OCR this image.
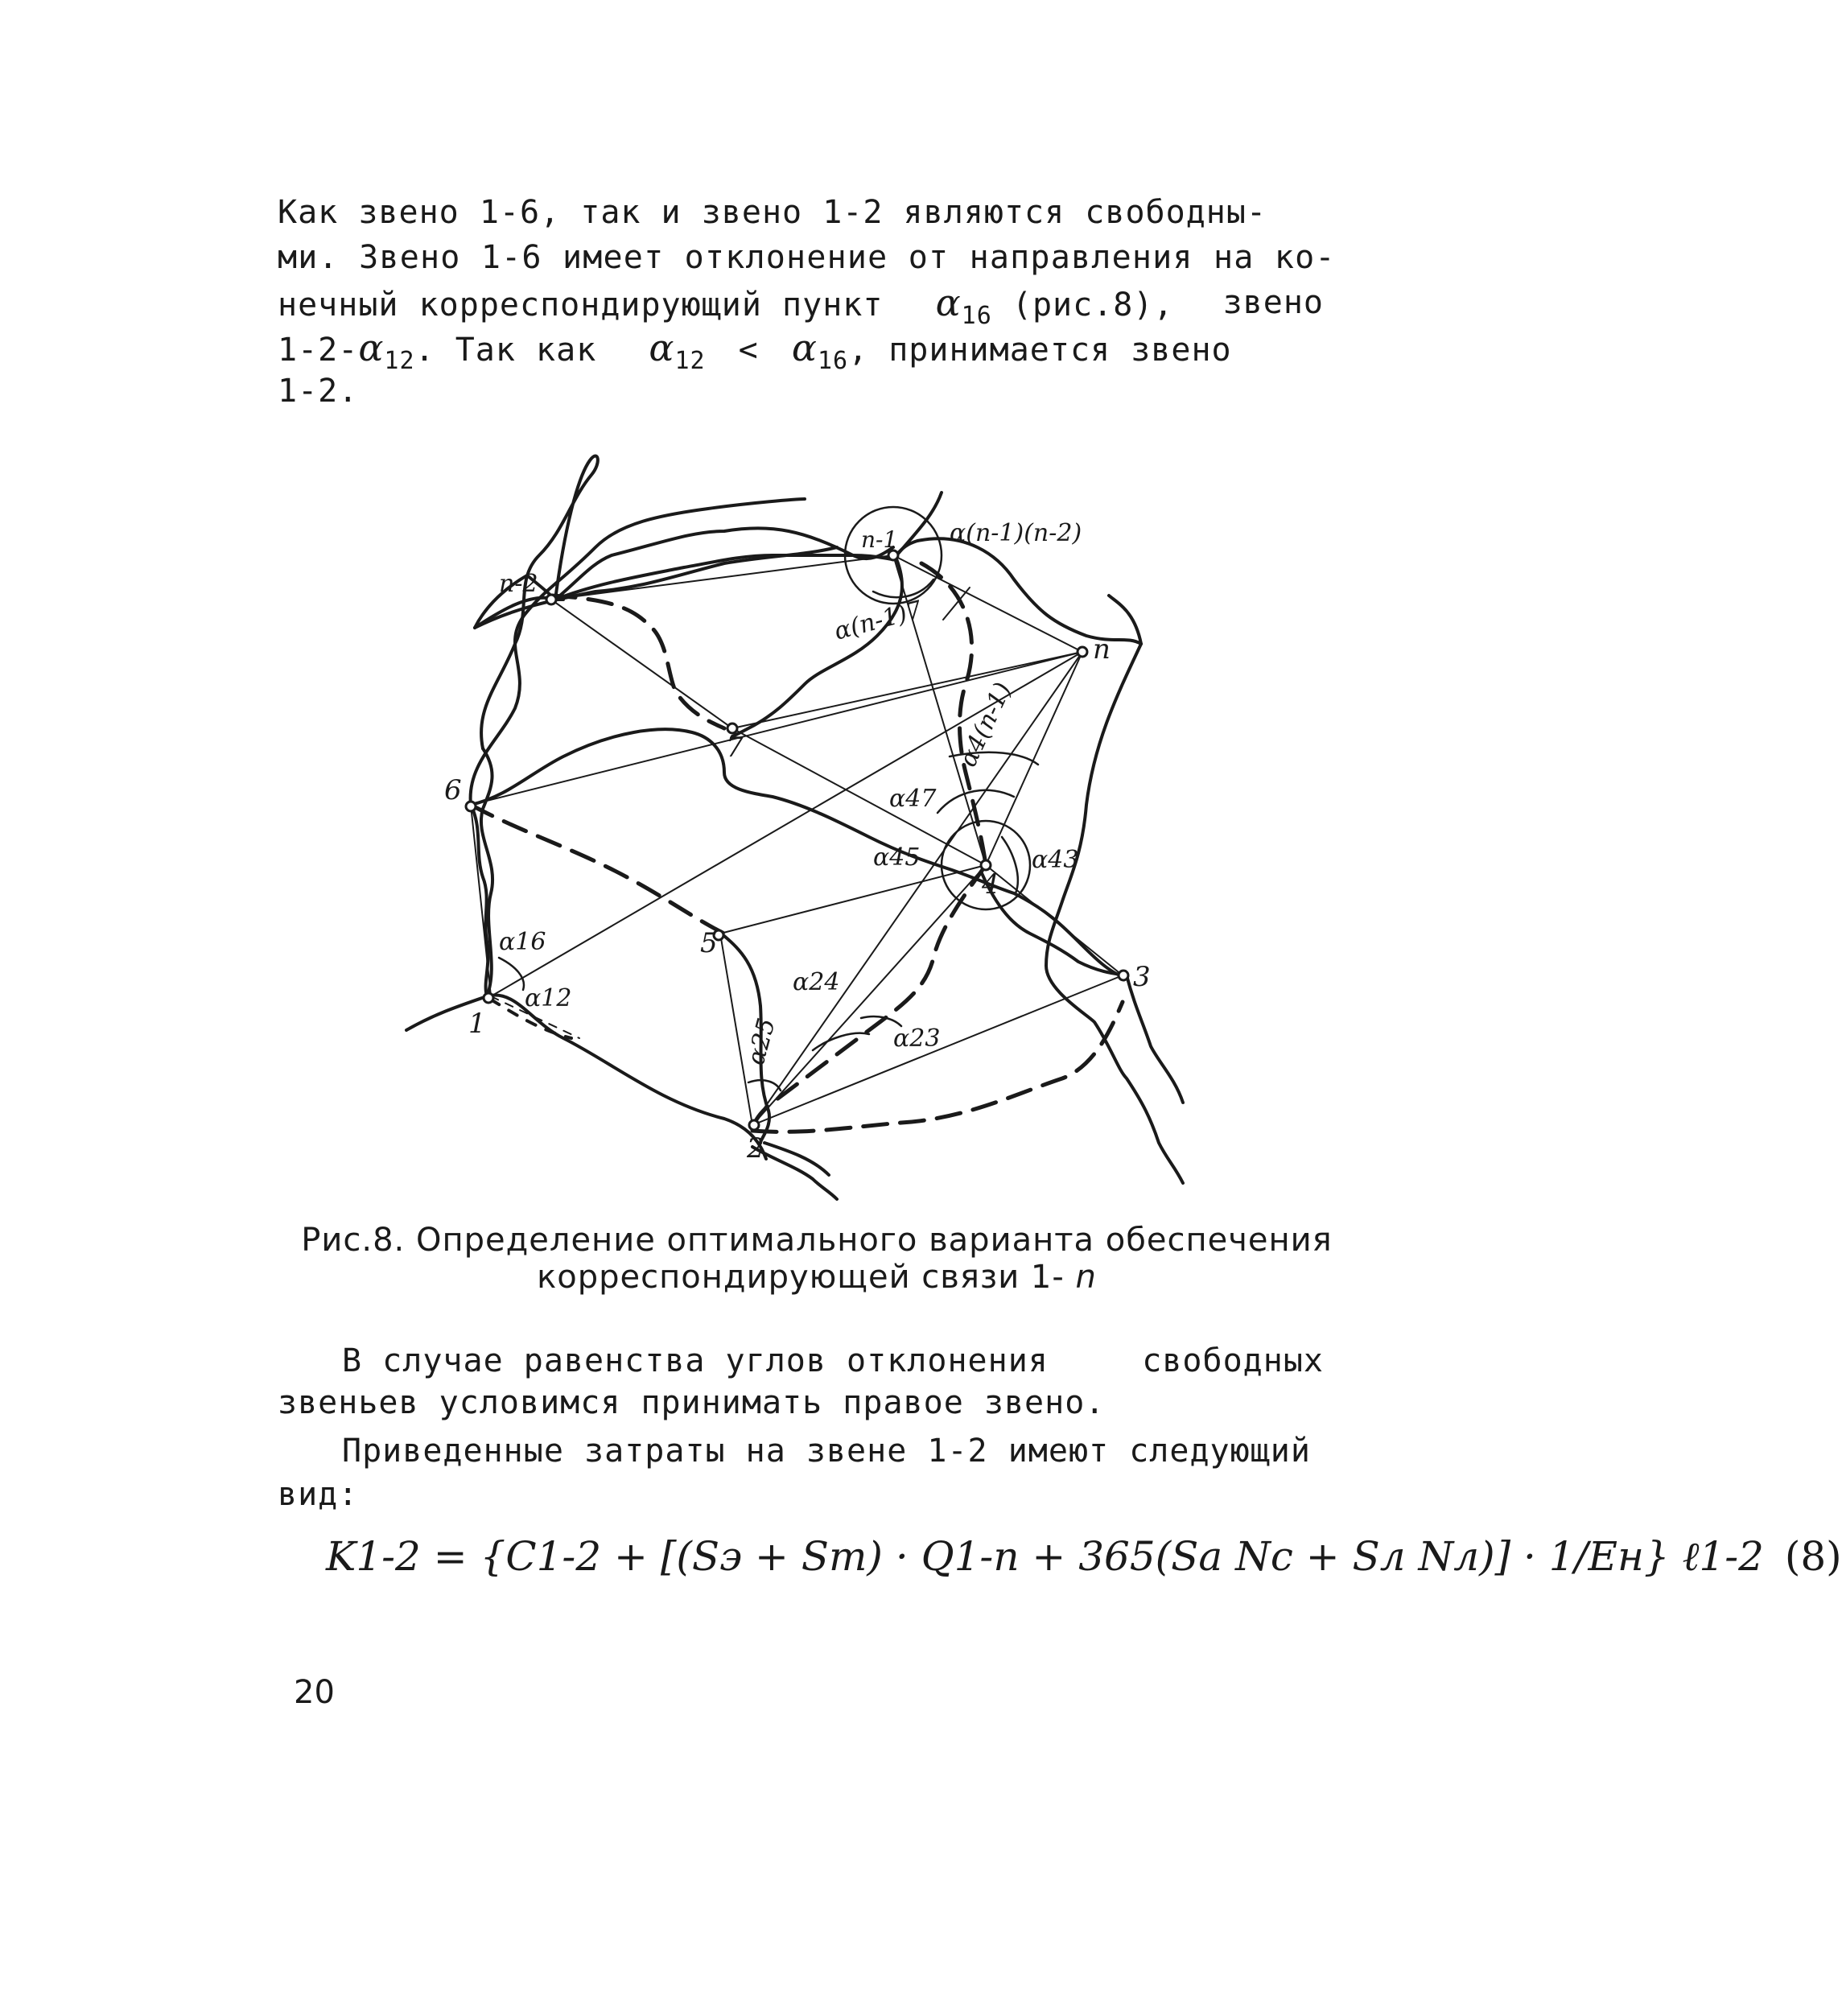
Как звено 1-6, так и звено 1-2 являются свободны-
ми. Звено 1-6 имеет отклонение от направления на ко-
нечный корреспондирующий пункт $\alpha_{16}$ (рис.8), звено
$1-2-\alpha_{12}$. Так как $\alpha_{12} < \alpha_{16}$, принимается звено
1-2.
1
2
3
4
5
6
7
n
n-1
n-2
α(n-1)(n-2)
α(n-1)7
α4(n-1)
α47
α45	α43
α16
α12
α24
α23
α25
Рис.8. Определение оптимального варианта обеспечения
корреспондирующей связи 1- n
В случае равенства углов отклонения	свободных
звеньев условимся принимать правое звено.
Приведенные затраты на звене 1-2 имеют следующий
вид:
K1-2 = {C1-2 + [(Sэ + Sт) · Q1-n + 365(Sa Nc + Sл Nл)] · 1/Ен} ℓ1-2 (8)
20
